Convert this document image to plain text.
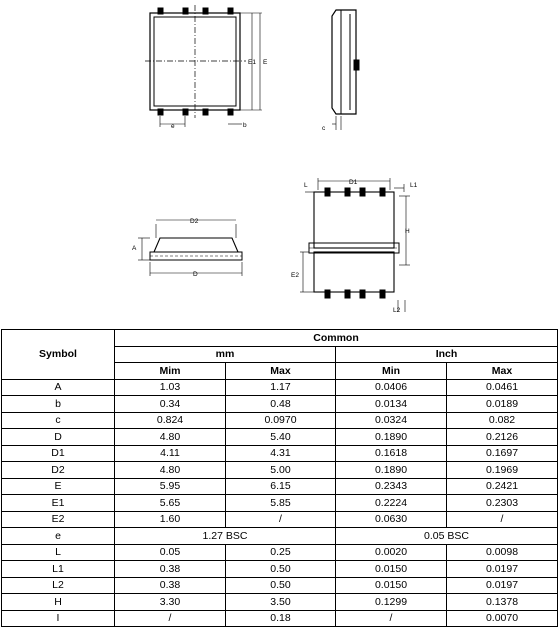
E1 E
e	b	c
D2
A
D
D1
L	L1
H
E2
L2
Symbol	Common			
	mm		Inch	
	Mim	Max	Min	Max
A	1.03	1.17	0.0406	0.0461
b	0.34	0.48	0.0134	0.0189
c	0.824	0.0970	0.0324	0.082
D	4.80	5.40	0.1890	0.2126
D1	4.11	4.31	0.1618	0.1697
D2	4.80	5.00	0.1890	0.1969
E	5.95	6.15	0.2343	0.2421
E1	5.65	5.85	0.2224	0.2303
E2	1.60	/	0.0630	/
e	1.27 BSC		0.05 BSC	
L	0.05	0.25	0.0020	0.0098
L1	0.38	0.50	0.0150	0.0197
L2	0.38	0.50	0.0150	0.0197
H	3.30	3.50	0.1299	0.1378
I	/	0.18	/	0.0070
